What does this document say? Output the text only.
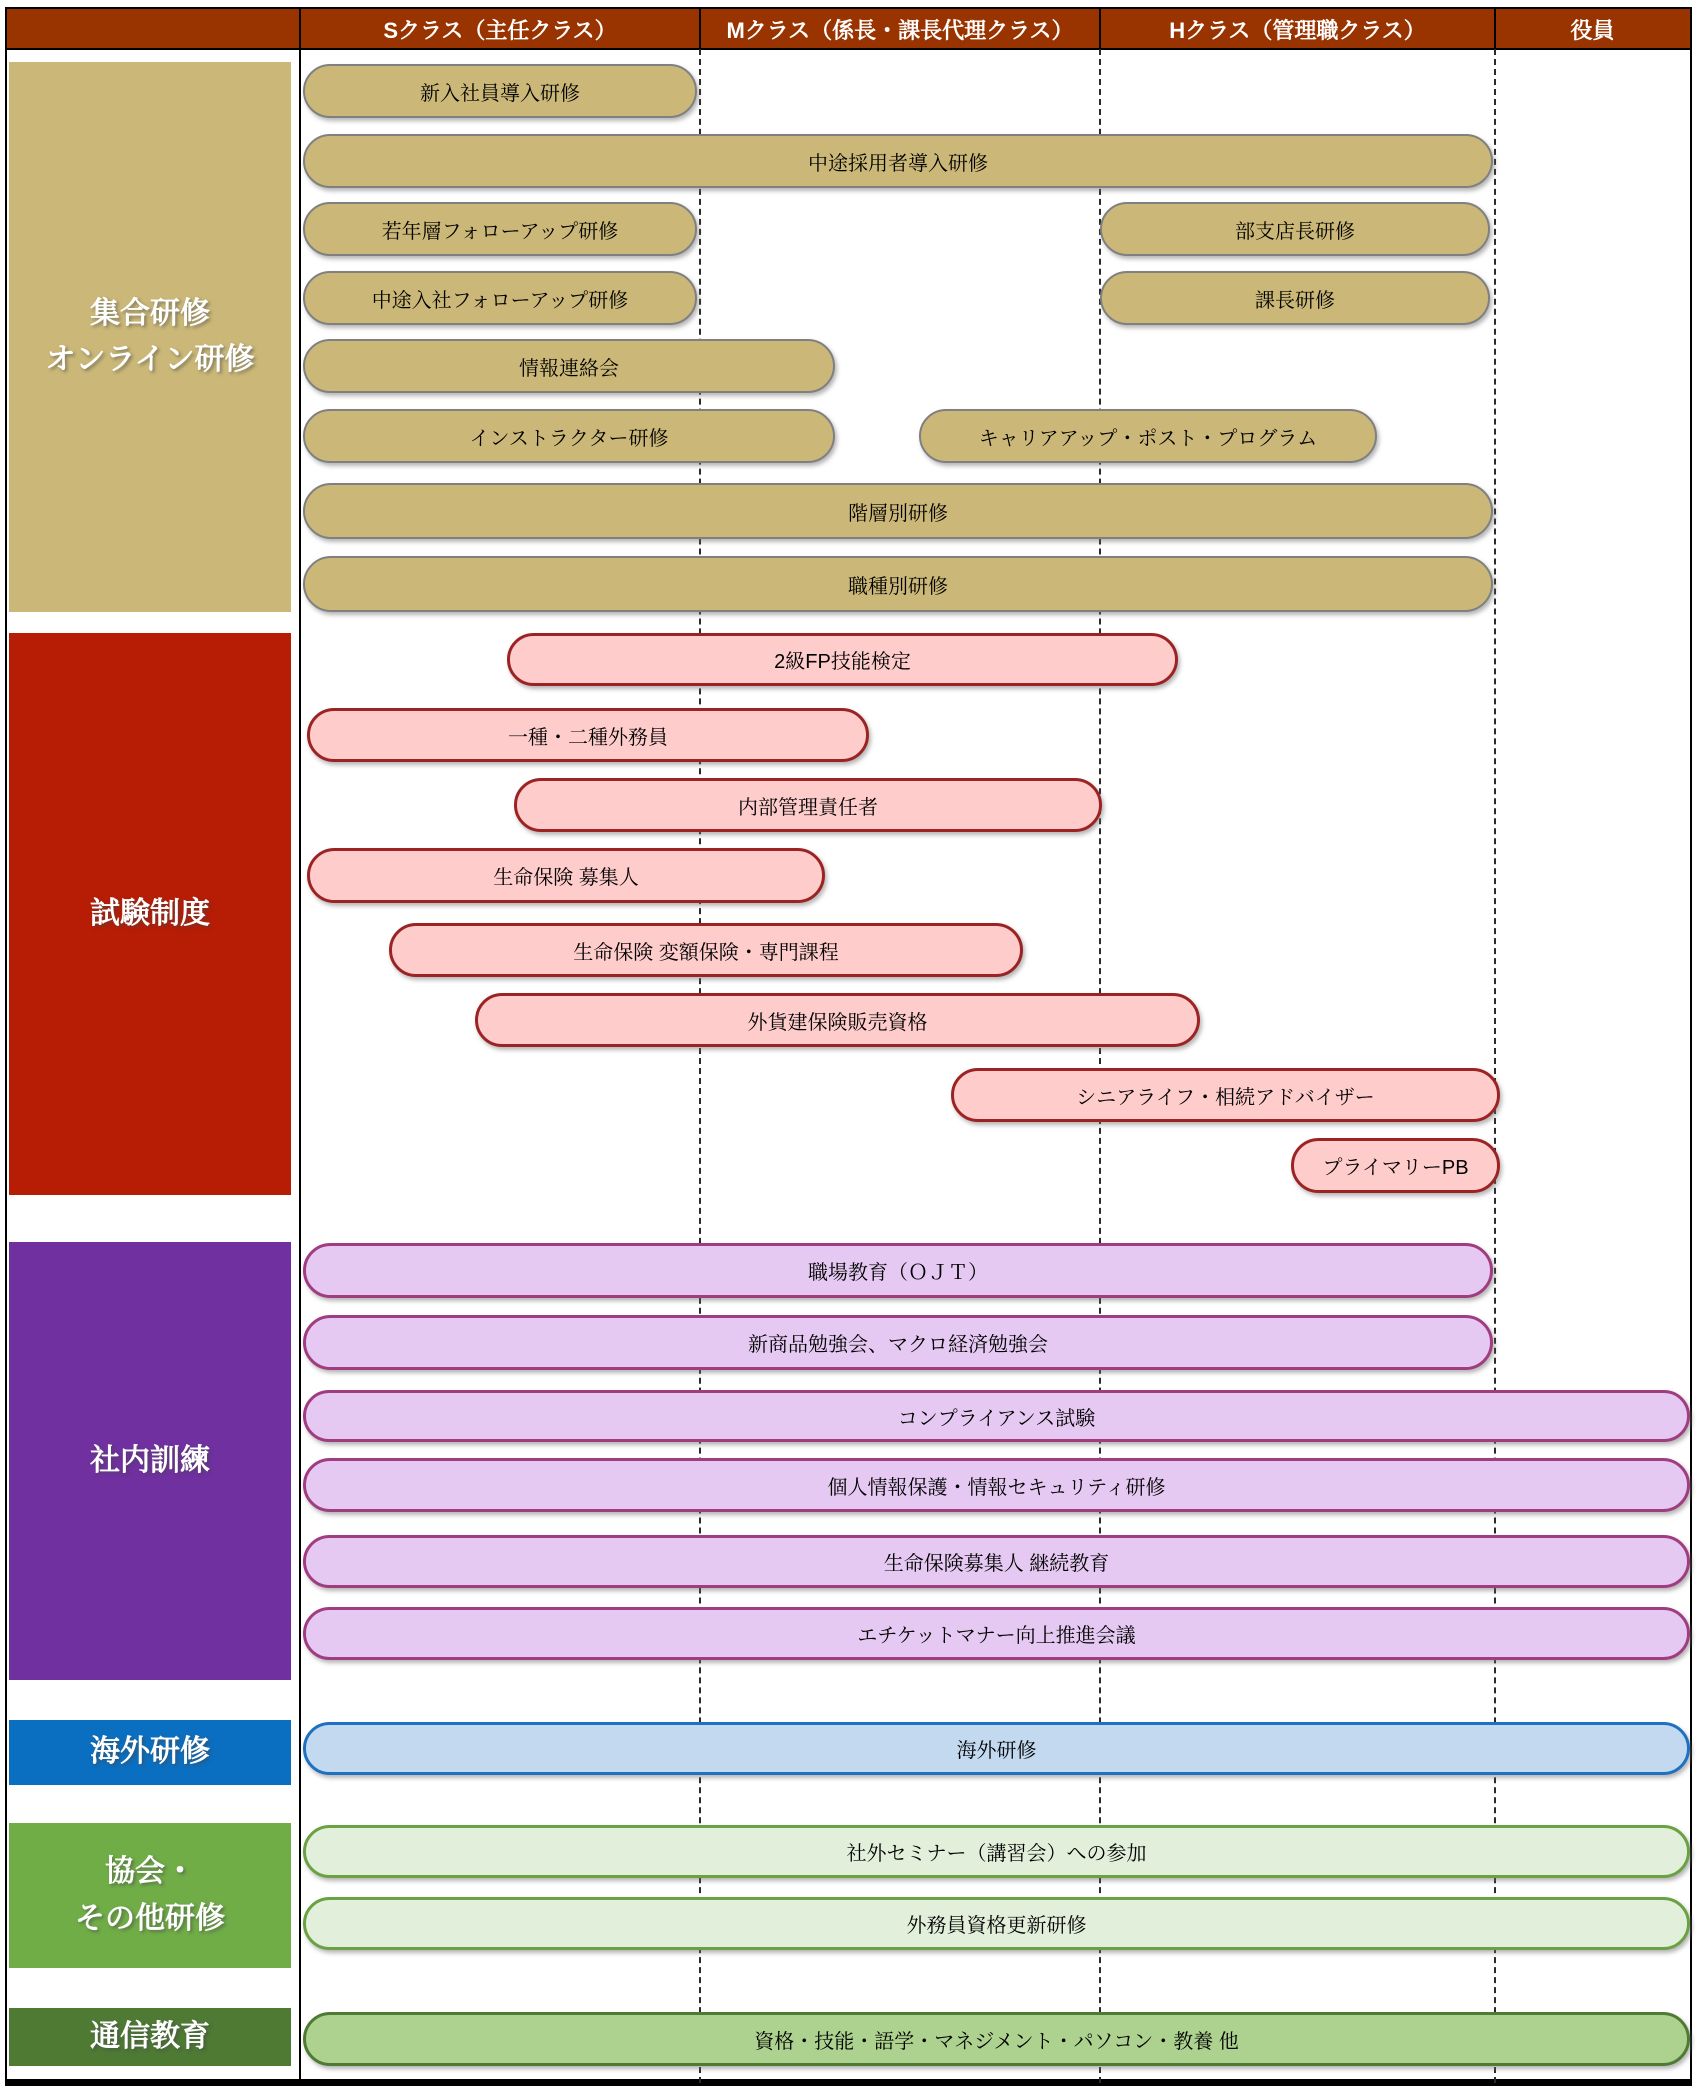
Sクラス（主任クラス）	Mクラス（係長・課長代理クラス）	Hクラス（管理職クラス）	役員
集合研修
オンライン研修
新入社員導入研修
中途採用者導入研修
若年層フォローアップ研修	部支店長研修
中途入社フォローアップ研修	課長研修
情報連絡会
インストラクター研修	キャリアアップ・ポスト・プログラム
階層別研修
職種別研修
試験制度
2級FP技能検定
一種・二種外務員
内部管理責任者
生命保険 募集人
生命保険 変額保険・専門課程
外貨建保険販売資格
シニアライフ・相続アドバイザー
プライマリーPB
社内訓練
職場教育（ＯＪＴ）
新商品勉強会、マクロ経済勉強会
コンプライアンス試験
個人情報保護・情報セキュリティ研修
生命保険募集人 継続教育
エチケットマナー向上推進会議
海外研修	海外研修
協会・
その他研修
社外セミナー（講習会）への参加
外務員資格更新研修
通信教育	資格・技能・語学・マネジメント・パソコン・教養 他
